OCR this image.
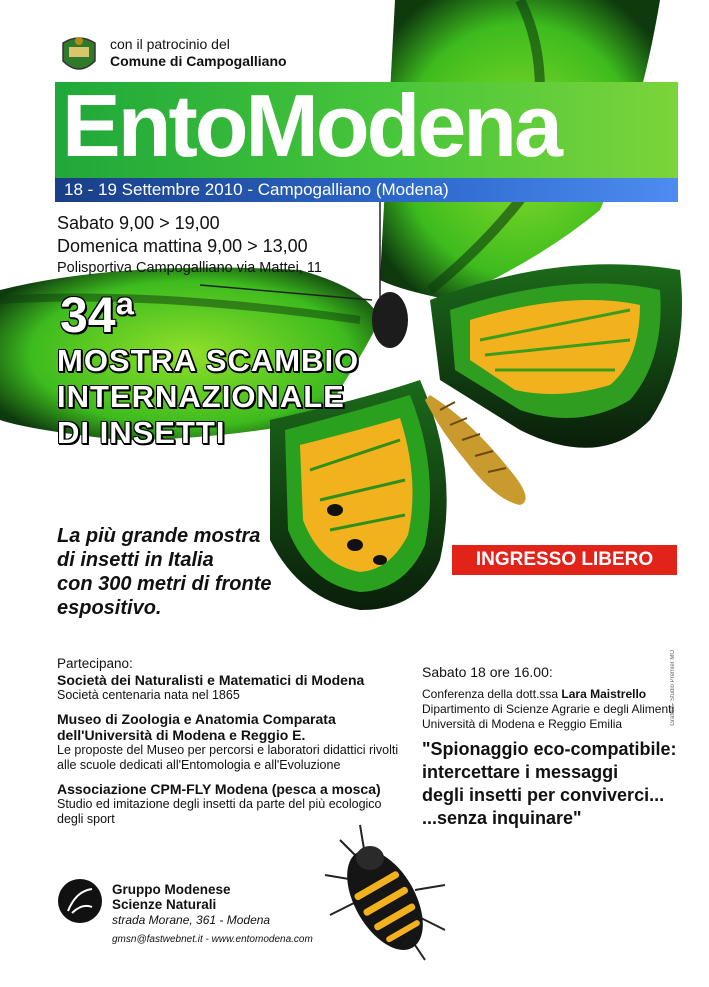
con il patrocinio del
Comune di Campogalliano
EntoModena
18 - 19 Settembre 2010 - Campogalliano (Modena)
Sabato 9,00 > 19,00
Domenica mattina 9,00 > 13,00
Polisportiva Campogalliano via Mattei, 11
34ª
MOSTRA SCAMBIO
INTERNAZIONALE
DI INSETTI
La più grande mostra
di insetti in Italia
con 300 metri di fronte
espositivo.
INGRESSO LIBERO
Partecipano:
Società dei Naturalisti e Matematici di Modena

Società centenaria nata nel 1865

Museo di Zoologia e Anatomia Comparata dell'Università di Modena e Reggio E.

Le proposte del Museo per percorsi e laboratori didattici rivolti alle scuole dedicati all'Entomologia e all'Evoluzione

Associazione CPM-FLY Modena (pesca a mosca)

Studio ed imitazione degli insetti da parte del più ecologico degli sport

Sabato 18 ore 16.00:
Conferenza della dott.ssa Lara Maistrello
Dipartimento di Scienze Agrarie e degli Alimenti
Università di Modena e Reggio Emilia
"Spionaggio eco-compatibile:
intercettare i messaggi
degli insetti per conviverci...
...senza inquinare"
Gruppo Modenese
Scienze Naturali
strada Morane, 361 - Modena
gmsn@fastwebnet.it - www.entomodena.com
Grafica - Studio Premier MO
